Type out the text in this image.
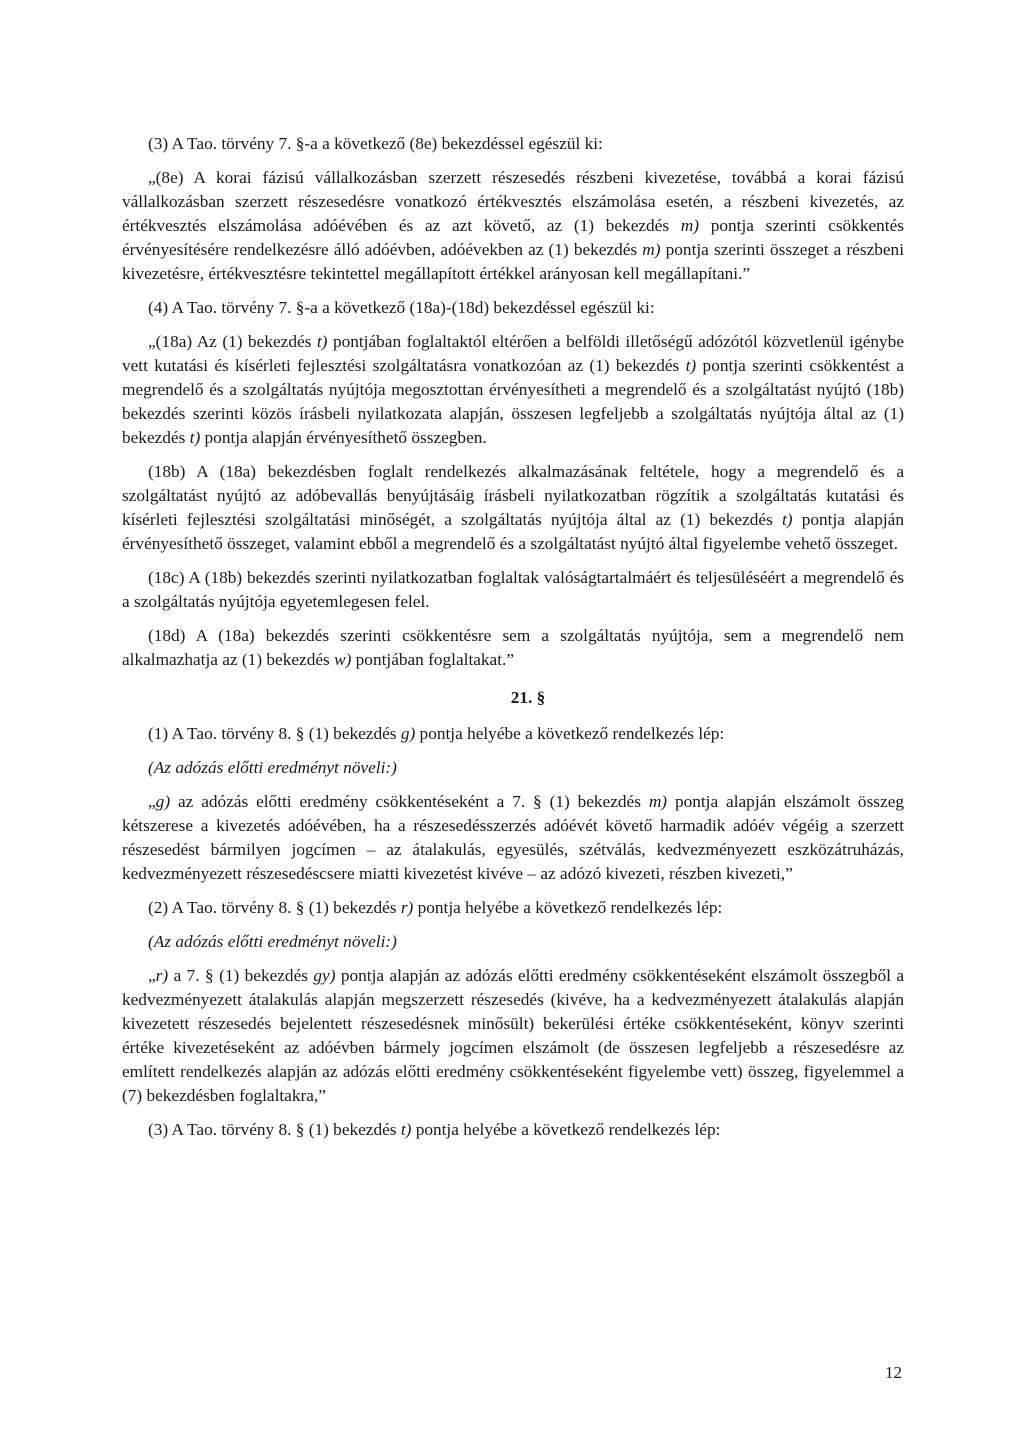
(3) A Tao. törvény 7. §-a a következő (8e) bekezdéssel egészül ki:

„(8e) A korai fázisú vállalkozásban szerzett részesedés részbeni kivezetése, továbbá a korai fázisú vállalkozásban szerzett részesedésre vonatkozó értékvesztés elszámolása esetén, a részbeni kivezetés, az értékvesztés elszámolása adóévében és az azt követő, az (1) bekezdés m) pontja szerinti csökkentés érvényesítésére rendelkezésre álló adóévben, adóévekben az (1) bekezdés m) pontja szerinti összeget a részbeni kivezetésre, értékvesztésre tekintettel megállapított értékkel arányosan kell megállapítani.”

(4) A Tao. törvény 7. §-a a következő (18a)-(18d) bekezdéssel egészül ki:

„(18a) Az (1) bekezdés t) pontjában foglaltaktól eltérően a belföldi illetőségű adózótól közvetlenül igénybe vett kutatási és kísérleti fejlesztési szolgáltatásra vonatkozóan az (1) bekezdés t) pontja szerinti csökkentést a megrendelő és a szolgáltatás nyújtója megosztottan érvényesítheti a megrendelő és a szolgáltatást nyújtó (18b) bekezdés szerinti közös írásbeli nyilatkozata alapján, összesen legfeljebb a szolgáltatás nyújtója által az (1) bekezdés t) pontja alapján érvényesíthető összegben.

(18b) A (18a) bekezdésben foglalt rendelkezés alkalmazásának feltétele, hogy a megrendelő és a szolgáltatást nyújtó az adóbevallás benyújtásáig írásbeli nyilatkozatban rögzítik a szolgáltatás kutatási és kísérleti fejlesztési szolgáltatási minőségét, a szolgáltatás nyújtója által az (1) bekezdés t) pontja alapján érvényesíthető összeget, valamint ebből a megrendelő és a szolgáltatást nyújtó által figyelembe vehető összeget.

(18c) A (18b) bekezdés szerinti nyilatkozatban foglaltak valóságtartalmáért és teljesüléséért a megrendelő és a szolgáltatás nyújtója egyetemlegesen felel.

(18d) A (18a) bekezdés szerinti csökkentésre sem a szolgáltatás nyújtója, sem a megrendelő nem alkalmazhatja az (1) bekezdés w) pontjában foglaltakat.”

21. §

(1) A Tao. törvény 8. § (1) bekezdés g) pontja helyébe a következő rendelkezés lép:

(Az adózás előtti eredményt növeli:)

„g) az adózás előtti eredmény csökkentéseként a 7. § (1) bekezdés m) pontja alapján elszámolt összeg kétszerese a kivezetés adóévében, ha a részesedésszerzés adóévét követő harmadik adóév végéig a szerzett részesedést bármilyen jogcímen – az átalakulás, egyesülés, szétválás, kedvezményezett eszközátruházás, kedvezményezett részesedéscsere miatti kivezetést kivéve – az adózó kivezeti, részben kivezeti,”

(2) A Tao. törvény 8. § (1) bekezdés r) pontja helyébe a következő rendelkezés lép:

(Az adózás előtti eredményt növeli:)

„r) a 7. § (1) bekezdés gy) pontja alapján az adózás előtti eredmény csökkentéseként elszámolt összegből a kedvezményezett átalakulás alapján megszerzett részesedés (kivéve, ha a kedvezményezett átalakulás alapján kivezetett részesedés bejelentett részesedésnek minősült) bekerülési értéke csökkentéseként, könyv szerinti értéke kivezetéseként az adóévben bármely jogcímen elszámolt (de összesen legfeljebb a részesedésre az említett rendelkezés alapján az adózás előtti eredmény csökkentéseként figyelembe vett) összeg, figyelemmel a (7) bekezdésben foglaltakra,”

(3) A Tao. törvény 8. § (1) bekezdés t) pontja helyébe a következő rendelkezés lép:

12
